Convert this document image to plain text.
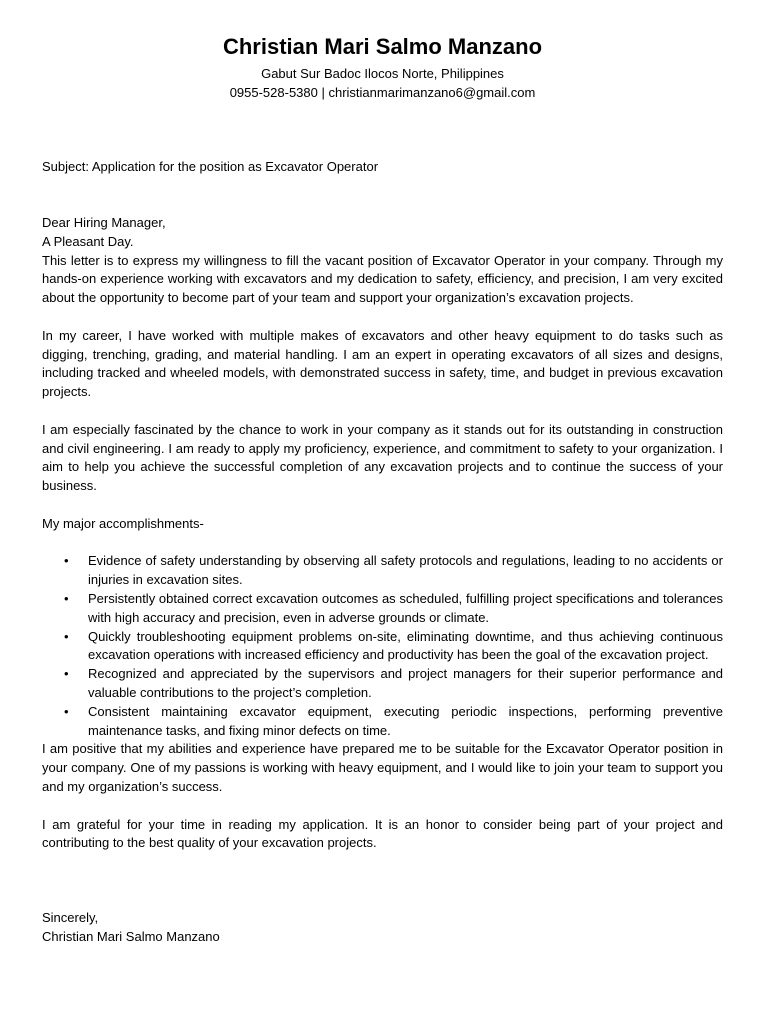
Christian Mari Salmo Manzano
Gabut Sur Badoc Ilocos Norte, Philippines
0955-528-5380 | christianmarimanzano6@gmail.com

Subject: Application for the position as Excavator Operator

Dear Hiring Manager,

A Pleasant Day.

This letter is to express my willingness to fill the vacant position of Excavator Operator in your company. Through my hands-on experience working with excavators and my dedication to safety, efficiency, and precision, I am very excited about the opportunity to become part of your team and support your organization’s excavation projects.

In my career, I have worked with multiple makes of excavators and other heavy equipment to do tasks such as digging, trenching, grading, and material handling. I am an expert in operating excavators of all sizes and designs, including tracked and wheeled models, with demonstrated success in safety, time, and budget in previous excavation projects.

I am especially fascinated by the chance to work in your company as it stands out for its outstanding in construction and civil engineering. I am ready to apply my proficiency, experience, and commitment to safety to your organization. I aim to help you achieve the successful completion of any excavation projects and to continue the success of your business.

My major accomplishments-

• Evidence of safety understanding by observing all safety protocols and regulations, leading to no accidents or injuries in excavation sites.
• Persistently obtained correct excavation outcomes as scheduled, fulfilling project specifications and tolerances with high accuracy and precision, even in adverse grounds or climate.
• Quickly troubleshooting equipment problems on-site, eliminating downtime, and thus achieving continuous excavation operations with increased efficiency and productivity has been the goal of the excavation project.
• Recognized and appreciated by the supervisors and project managers for their superior performance and valuable contributions to the project’s completion.
• Consistent maintaining excavator equipment, executing periodic inspections, performing preventive maintenance tasks, and fixing minor defects on time.

I am positive that my abilities and experience have prepared me to be suitable for the Excavator Operator position in your company. One of my passions is working with heavy equipment, and I would like to join your team to support you and my organization’s success.

I am grateful for your time in reading my application. It is an honor to consider being part of your project and contributing to the best quality of your excavation projects.

Sincerely,

Christian Mari Salmo Manzano
